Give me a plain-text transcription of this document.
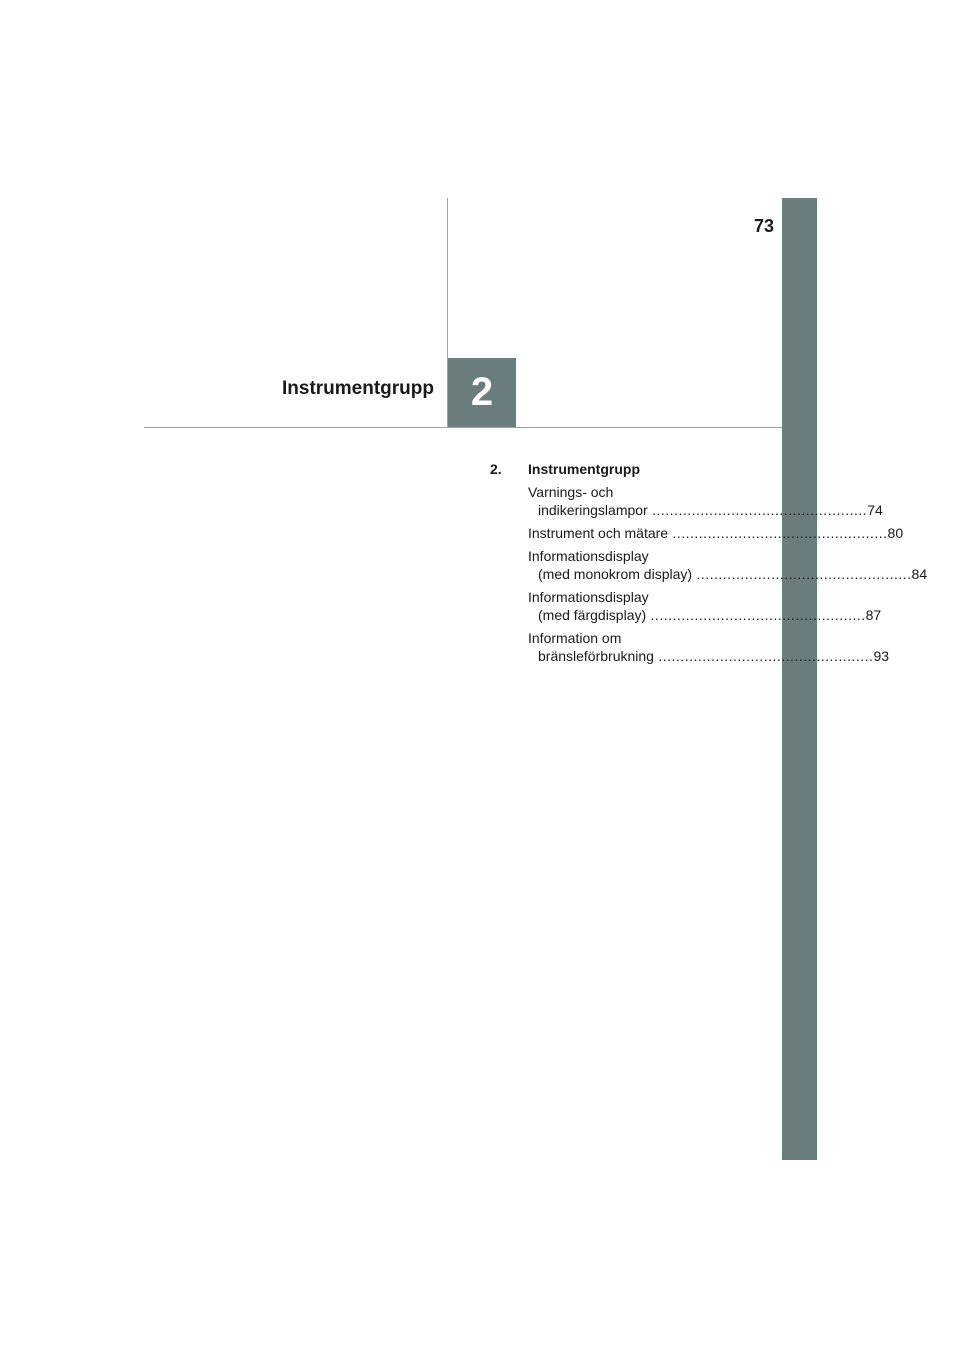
73
2
Instrumentgrupp
2.	Instrumentgrupp
Varnings- och
indikeringslampor ................................................. 74
Instrument och mätare ................................................. 80
Informationsdisplay
(med monokrom display) ................................................. 84
Informationsdisplay
(med färgdisplay) ................................................. 87
Information om
bränsleförbrukning ................................................. 93
